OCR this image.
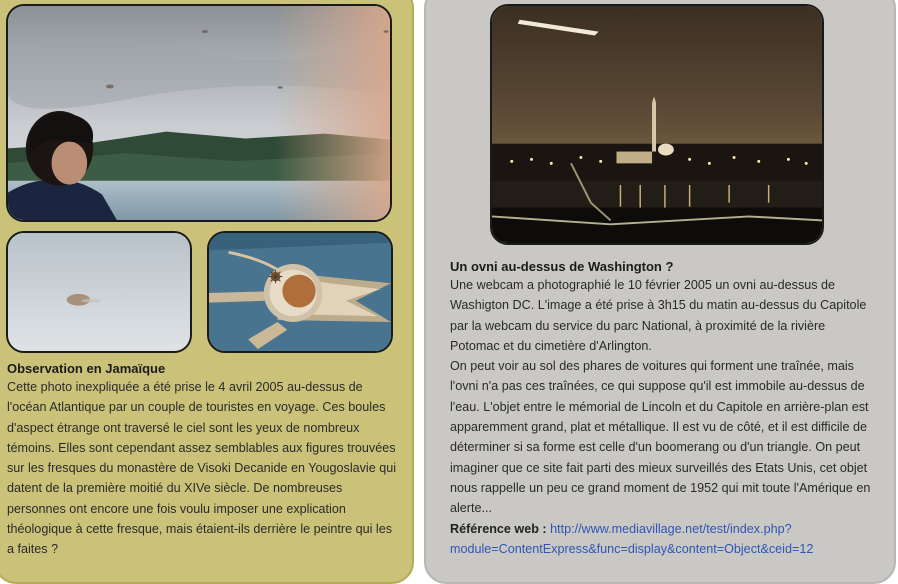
Observation en Jamaïque

Cette photo inexpliquée a été prise le 4 avril 2005 au-dessus de l'océan Atlantique par un couple de touristes en voyage. Ces boules d'aspect étrange ont traversé le ciel sont les yeux de nombreux témoins. Elles sont cependant assez semblables aux figures trouvées sur les fresques du monastère de Visoki Decanide en Yougoslavie qui datent de la première moitié du XIVe siècle. De nombreuses personnes ont encore une fois voulu imposer une explication théologique à cette fresque, mais étaient-ils derrière le peintre qui les a faites ?

Un ovni au-dessus de Washington ?

Une webcam a photographié le 10 février 2005 un ovni au-dessus de Washigton DC. L'image a été prise à 3h15 du matin au-dessus du Capitole par la webcam du service du parc National, à proximité de la rivière Potomac et du cimetière d'Arlington.

On peut voir au sol des phares de voitures qui forment une traînée, mais l'ovni n'a pas ces traînées, ce qui suppose qu'il est immobile au-dessus de l'eau. L'objet entre le mémorial de Lincoln et du Capitole en arrière-plan est apparemment grand, plat et métallique. Il est vu de côté, et il est difficile de déterminer si sa forme est celle d'un boomerang ou d'un triangle. On peut imaginer que ce site fait parti des mieux surveillés des Etats Unis, cet objet nous rappelle un peu ce grand moment de 1952 qui mit toute l'Amérique en alerte...

Référence web : http://www.mediavillage.net/test/index.php?module=ContentExpress&func=display&content=Object&ceid=12
